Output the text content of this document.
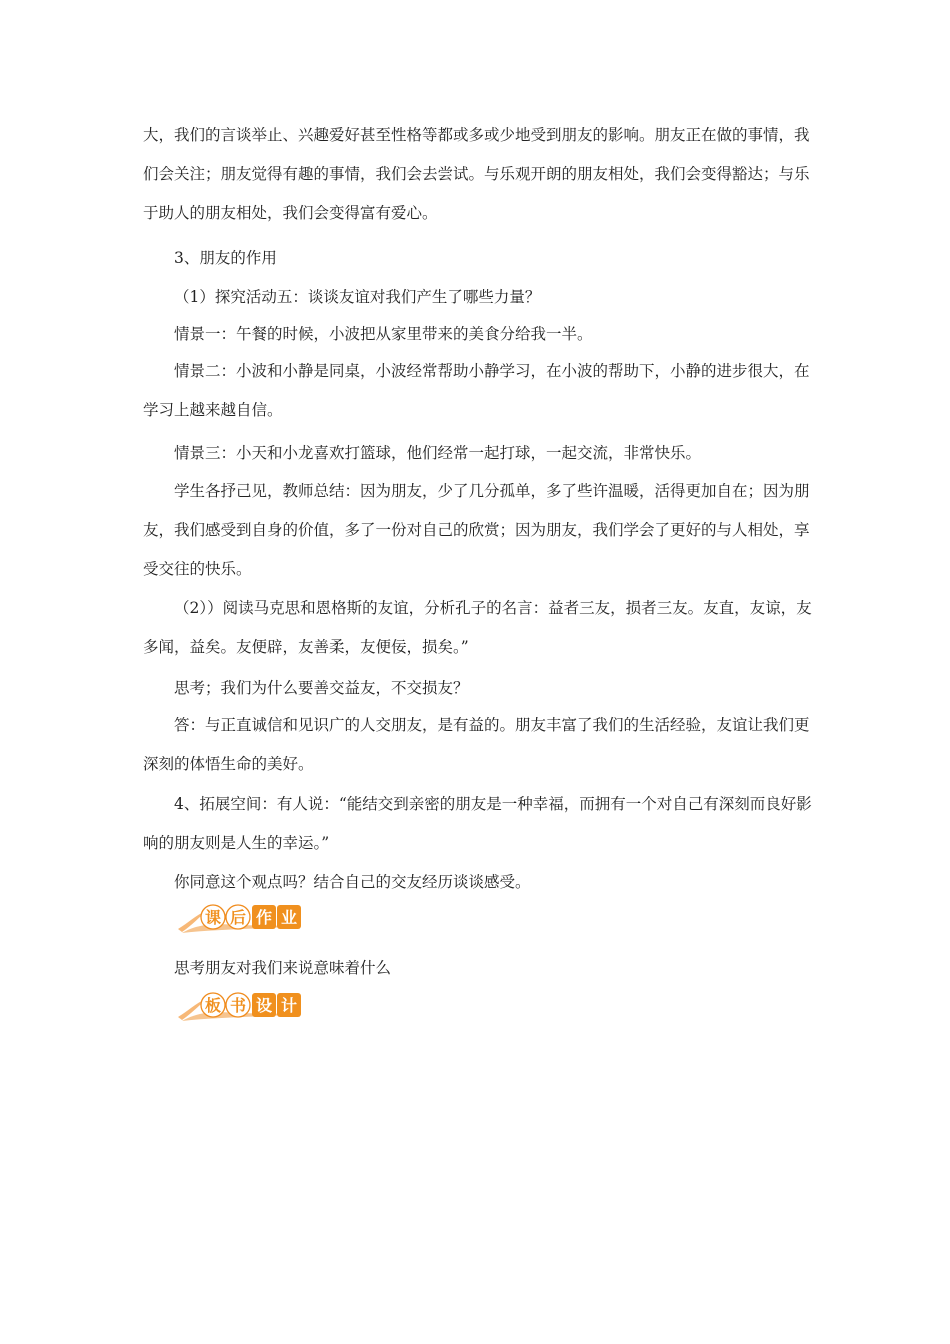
大，我们的言谈举止、兴趣爱好甚至性格等都或多或少地受到朋友的影响。朋友正在做的事情，我们会关注；朋友觉得有趣的事情，我们会去尝试。与乐观开朗的朋友相处，我们会变得豁达；与乐于助人的朋友相处，我们会变得富有爱心。

3、朋友的作用

（1）探究活动五：谈谈友谊对我们产生了哪些力量？

情景一：午餐的时候，小波把从家里带来的美食分给我一半。

情景二：小波和小静是同桌，小波经常帮助小静学习，在小波的帮助下，小静的进步很大，在学习上越来越自信。

情景三：小天和小龙喜欢打篮球，他们经常一起打球，一起交流，非常快乐。

学生各抒己见，教师总结：因为朋友，少了几分孤单，多了些许温暖，活得更加自在；因为朋友，我们感受到自身的价值，多了一份对自己的欣赏；因为朋友，我们学会了更好的与人相处，享受交往的快乐。

（2））阅读马克思和恩格斯的友谊，分析孔子的名言：益者三友，损者三友。友直，友谅，友多闻，益矣。友便辟，友善柔，友便佞，损矣。”

思考；我们为什么要善交益友，不交损友？

答：与正直诚信和见识广的人交朋友，是有益的。朋友丰富了我们的生活经验，友谊让我们更深刻的体悟生命的美好。

4、拓展空间：有人说：“能结交到亲密的朋友是一种幸福，而拥有一个对自己有深刻而良好影响的朋友则是人生的幸运。”

你同意这个观点吗？结合自己的交友经历谈谈感受。

课 后 作 业

思考朋友对我们来说意味着什么

板 书 设 计
